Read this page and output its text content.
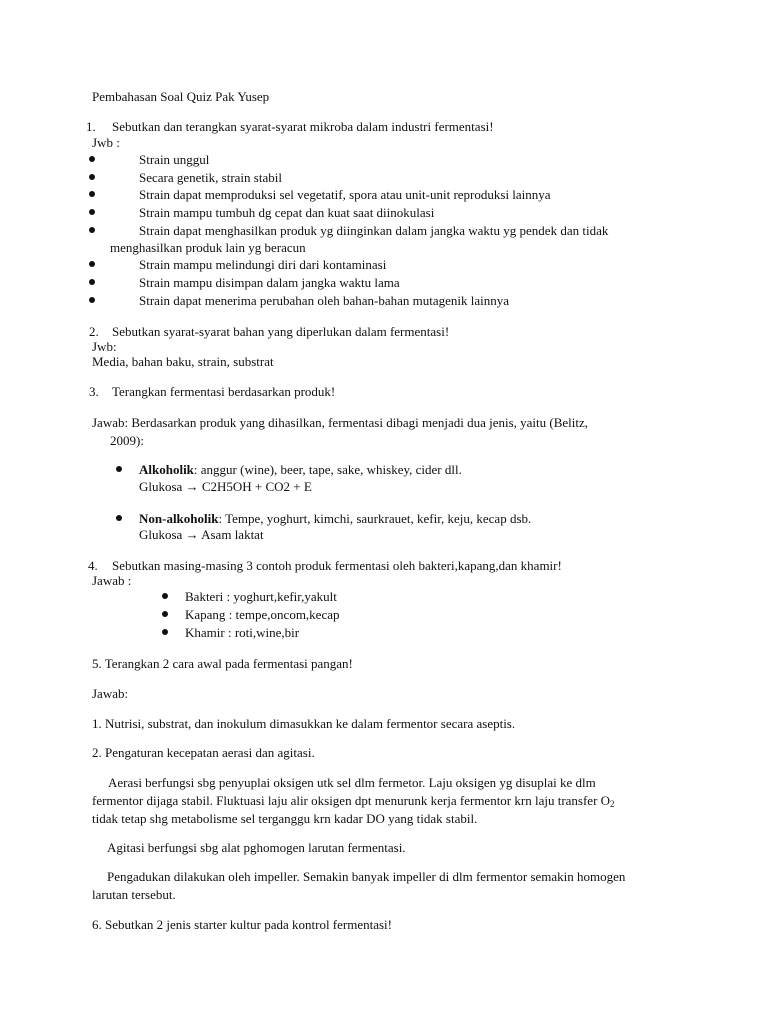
Pembahasan Soal Quiz Pak Yusep
1. Sebutkan dan terangkan syarat-syarat mikroba dalam industri fermentasi!
Jwb :
Strain unggul
Secara genetik, strain stabil
Strain dapat memproduksi sel vegetatif, spora atau unit-unit reproduksi lainnya
Strain mampu tumbuh dg cepat dan kuat saat diinokulasi
Strain dapat menghasilkan produk yg diinginkan dalam jangka waktu yg pendek dan tidak
menghasilkan produk lain yg beracun
Strain mampu melindungi diri dari kontaminasi
Strain mampu disimpan dalam jangka waktu lama
Strain dapat menerima perubahan oleh bahan-bahan mutagenik lainnya
2. Sebutkan syarat-syarat bahan yang diperlukan dalam fermentasi!
Jwb:
Media, bahan baku, strain, substrat
3. Terangkan fermentasi berdasarkan produk!
Jawab: Berdasarkan produk yang dihasilkan, fermentasi dibagi menjadi dua jenis, yaitu (Belitz,
2009):
Alkoholik: anggur (wine), beer, tape, sake, whiskey, cider dll.
Glukosa → C2H5OH + CO2 + E
Non-alkoholik: Tempe, yoghurt, kimchi, saurkrauet, kefir, keju, kecap dsb.
Glukosa → Asam laktat
4. Sebutkan masing-masing 3 contoh produk fermentasi oleh bakteri,kapang,dan khamir!
Jawab :
Bakteri : yoghurt,kefir,yakult
Kapang : tempe,oncom,kecap
Khamir : roti,wine,bir
5. Terangkan 2 cara awal pada fermentasi pangan!
Jawab:
1. Nutrisi, substrat, dan inokulum dimasukkan ke dalam fermentor secara aseptis.
2. Pengaturan kecepatan aerasi dan agitasi.
Aerasi berfungsi sbg penyuplai oksigen utk sel dlm fermetor. Laju oksigen yg disuplai ke dlm
fermentor dijaga stabil. Fluktuasi laju alir oksigen dpt menurunk kerja fermentor krn laju transfer $O_2$
tidak tetap shg metabolisme sel terganggu krn kadar DO yang tidak stabil.
Agitasi berfungsi sbg alat pghomogen larutan fermentasi.
Pengadukan dilakukan oleh impeller. Semakin banyak impeller di dlm fermentor semakin homogen
larutan tersebut.
6. Sebutkan 2 jenis starter kultur pada kontrol fermentasi!
